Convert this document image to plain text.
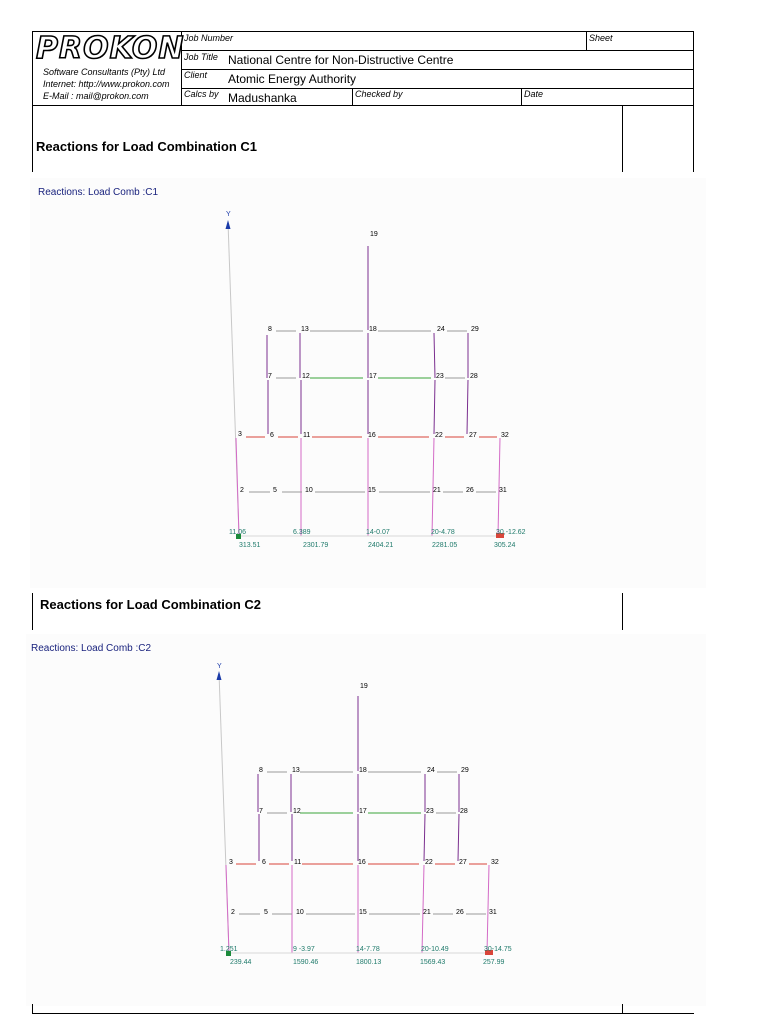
PROKON
Software Consultants (Pty) Ltd
Internet: http://www.prokon.com
E-Mail : mail@prokon.com
Job Number	Sheet
Job Title National Centre for Non-Distructive Centre
Client Atomic Energy Authority
Calcs by Madushanka	Checked by	Date
Reactions for Load Combination C1
Reactions: Load Comb :C1
Y
19
8	13	18	24	29
7	12	17	23	28
3	6	11	16	22	27	32
2	5	10	15	21	26	31
11.06	6.389	14-0.07	20-4.78	30,-12.62
313.51	2301.79	2404.21	2281.05	305.24
Reactions for Load Combination C2
Reactions: Load Comb :C2
Y
19
8	13	18	24	29
7	12	17	23	28
3	6	11	16	22	27	32
2	5	10	15	21	26	31
1.251	9 -3.97	14-7.78	20-10.49	30-14.75
239.44	1590.46	1800.13	1569.43	257.99
